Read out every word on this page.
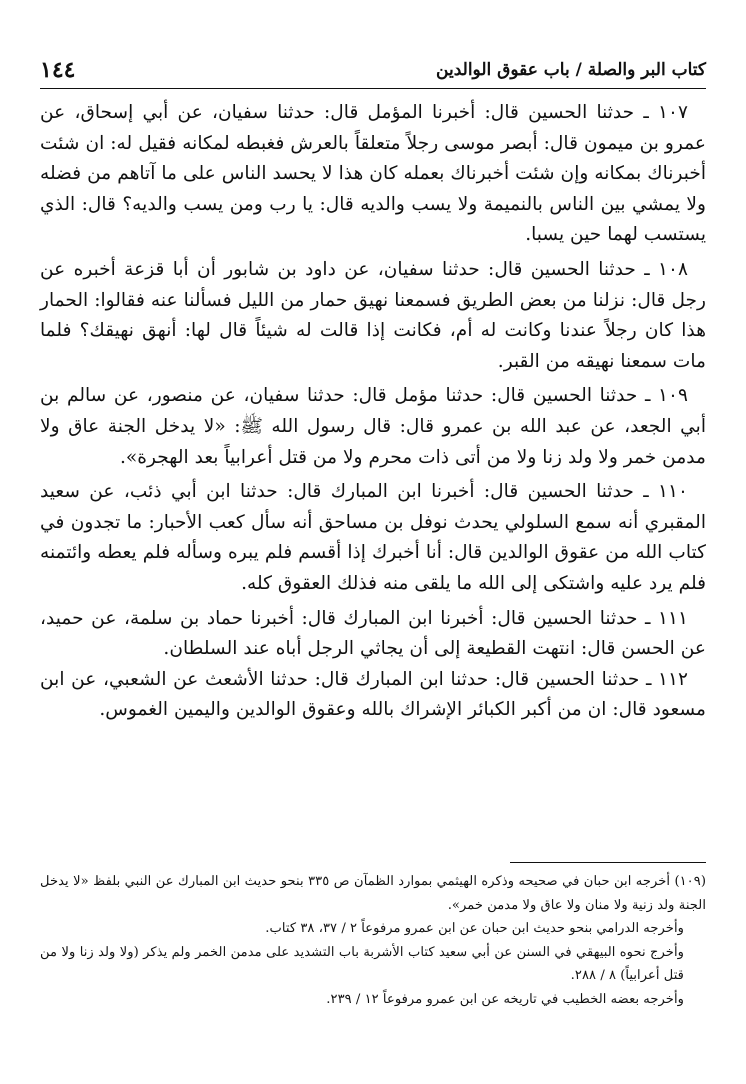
كتاب البر والصلة / باب عقوق الوالدين
١٤٤

١٠٧ ـ حدثنا الحسين قال: أخبرنا المؤمل قال: حدثنا سفيان، عن أبي إسحاق، عن عمرو بن ميمون قال: أبصر موسى رجلاً متعلقاً بالعرش فغبطه لمكانه فقيل له: ان شئت أخبرناك بمكانه وإن شئت أخبرناك بعمله كان هذا لا يحسد الناس على ما آتاهم من فضله ولا يمشي بين الناس بالنميمة ولا يسب والديه قال: يا رب ومن يسب والديه؟ قال: الذي يستسب لهما حين يسبا.

١٠٨ ـ حدثنا الحسين قال: حدثنا سفيان، عن داود بن شابور أن أبا قزعة أخبره عن رجل قال: نزلنا من بعض الطريق فسمعنا نهيق حمار من الليل فسألنا عنه فقالوا: الحمار هذا كان رجلاً عندنا وكانت له أم، فكانت إذا قالت له شيئاً قال لها: أنهق نهيقك؟ فلما مات سمعنا نهيقه من القبر.

١٠٩ ـ حدثنا الحسين قال: حدثنا مؤمل قال: حدثنا سفيان، عن منصور، عن سالم بن أبي الجعد، عن عبد الله بن عمرو قال: قال رسول الله ﷺ: «لا يدخل الجنة عاق ولا مدمن خمر ولا ولد زنا ولا من أتى ذات محرم ولا من قتل أعرابياً بعد الهجرة».

١١٠ ـ حدثنا الحسين قال: أخبرنا ابن المبارك قال: حدثنا ابن أبي ذئب، عن سعيد المقبري أنه سمع السلولي يحدث نوفل بن مساحق أنه سأل كعب الأحبار: ما تجدون في كتاب الله من عقوق الوالدين قال: أنا أخبرك إذا أقسم فلم يبره وسأله فلم يعطه وائتمنه فلم يرد عليه واشتكى إلى الله ما يلقى منه فذلك العقوق كله.

١١١ ـ حدثنا الحسين قال: أخبرنا ابن المبارك قال: أخبرنا حماد بن سلمة، عن حميد، عن الحسن قال: انتهت القطيعة إلى أن يجاثي الرجل أباه عند السلطان.

١١٢ ـ حدثنا الحسين قال: حدثنا ابن المبارك قال: حدثنا الأشعث عن الشعبي، عن ابن مسعود قال: ان من أكبر الكبائر الإشراك بالله وعقوق الوالدين واليمين الغموس.

(١٠٩) أخرجه ابن حبان في صحيحه وذكره الهيثمي بموارد الظمآن ص ٣٣٥ بنحو حديث ابن المبارك عن النبي بلفظ «لا يدخل الجنة ولد زنية ولا منان ولا عاق ولا مدمن خمر».

وأخرجه الدرامي بنحو حديث ابن حبان عن ابن عمرو مرفوعاً ٢ / ٣٧، ٣٨ كتاب.

وأخرج نحوه البيهقي في السنن عن أبي سعيد كتاب الأشربة باب التشديد على مدمن الخمر ولم يذكر (ولا ولد زنا ولا من قتل أعرابياً) ٨ / ٢٨٨.

وأخرجه بعضه الخطيب في تاريخه عن ابن عمرو مرفوعاً ١٢ / ٢٣٩.
